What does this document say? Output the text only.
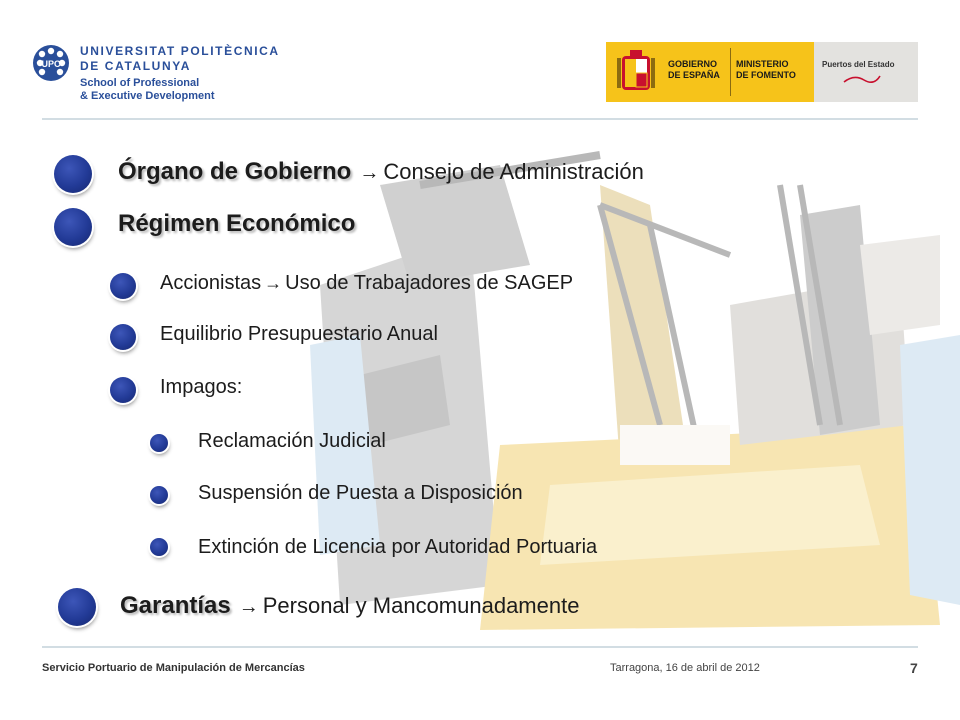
UPC
UNIVERSITAT POLITÈCNICA
DE CATALUNYA
School of Professional
& Executive Development
GOBIERNO
DE ESPAÑA
MINISTERIO
DE FOMENTO
Puertos del Estado
Órgano de Gobierno → Consejo de Administración
Régimen Económico
Accionistas → Uso de Trabajadores de SAGEP
Equilibrio Presupuestario Anual
Impagos:
Reclamación Judicial
Suspensión de Puesta a Disposición
Extinción de Licencia por Autoridad Portuaria
Garantías → Personal y Mancomunadamente
Servicio Portuario de Manipulación de Mercancías	Tarragona, 16 de abril de 2012	7
